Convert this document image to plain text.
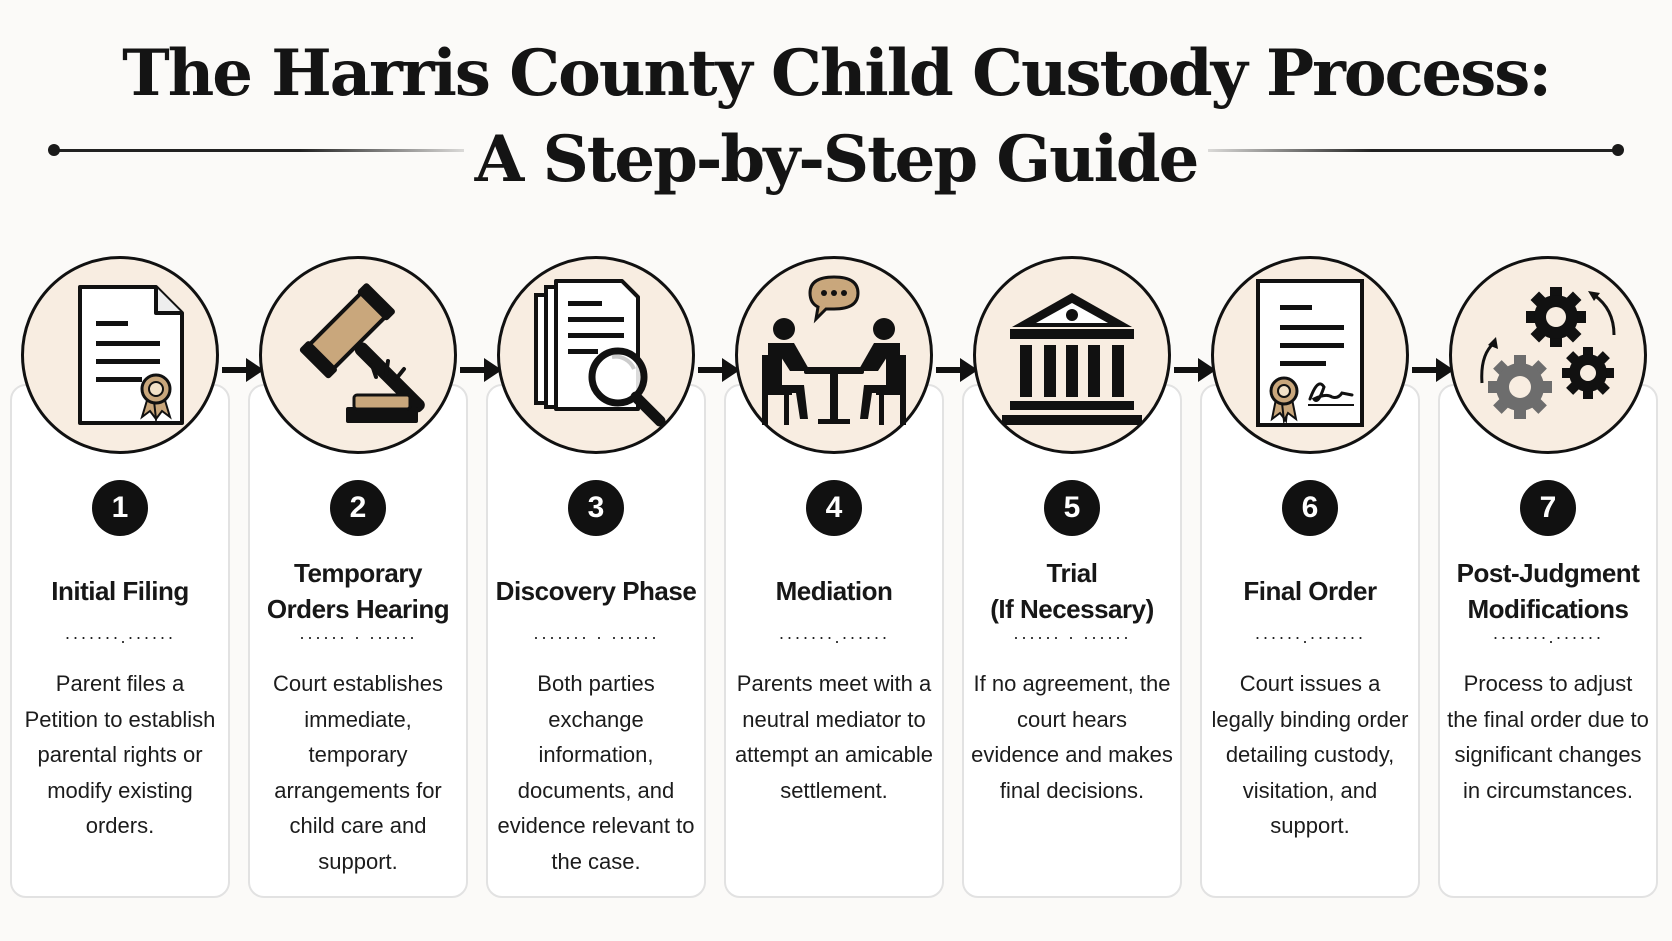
The Harris County Child Custody Process:
A Step-by-Step Guide
1	2	3	4	5	6	7
Initial Filing
Temporary
Orders Hearing
Discovery Phase	Mediation
Trial
(If Necessary)
Final Order
Post-Judgment
Modifications
·······.······	······ · ······	······· · ······	·······.······	······ · ······	······.·······	·······.······
Parent files a Petition to establish parental rights or modify existing orders.
Court establishes immediate, temporary arrangements for child care and support.
Both parties exchange information, documents, and evidence relevant to the case.
Parents meet with a neutral mediator to attempt an amicable settlement.
If no agreement, the court hears evidence and makes final decisions.
Court issues a legally binding order detailing custody, visitation, and support.
Process to adjust the final order due to significant changes in circumstances.
